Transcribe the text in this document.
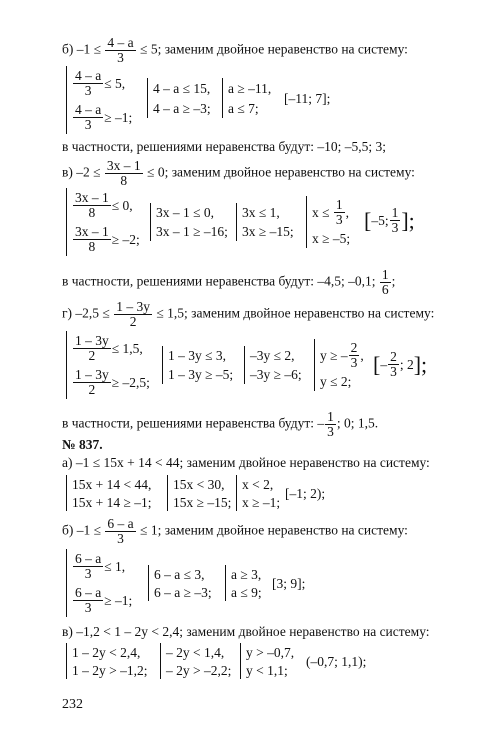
б) $-1 \le \frac{4 - a}{3} \le 5$; заменим двойное неравенство на систему:
$\frac{4 - a}{3} \le 5$,
$\frac{4 - a}{3} \ge -1$;
4 – a ≤ 15,
4 – a ≥ –3;
a ≥ –11,
a ≤ 7;
[–11; 7];
в частности, решениями неравенства будут: –10; –5,5; 3;
в) $-2 \le \frac{3x - 1}{8} \le 0$; заменим двойное неравенство на систему:
$\frac{3x - 1}{8} \le 0$,
$\frac{3x - 1}{8} \ge -2$;
3x – 1 ≤ 0,
3x – 1 ≥ –16;
3x ≤ 1,
3x ≥ –15;
x ≤
$\frac{1}{3}$ ,
x ≥ –5;
[ –5; $\frac{1}{3}$ ];
в частности, решениями неравенства будут: –4,5; –0,1; $\frac{1}{6}$ ;
г) $-2,5 \le \frac{1 - 3y}{2} \le 1,5$; заменим двойное неравенство на систему:
$\frac{1 - 3y}{2} \le 1,5$,
$\frac{1 - 3y}{2} \ge -2,5$;
1 – 3y ≤ 3,
1 – 3y ≥ –5;
–3y ≤ 2,
–3y ≥ –6;
y ≥ – $\frac{2}{3}$ ,
y ≤ 2;
[ – $\frac{2}{3}$ ; 2 ];
в частности, решениями неравенства будут: – $\frac{1}{3}$ ; 0; 1,5.
№ 837.
а) –1 ≤ 15x + 14 < 44; заменим двойное неравенство на систему:
15x + 14 < 44,
15x + 14 ≥ –1;
15x < 30,
15x ≥ –15;
x < 2,
x ≥ –1;
[–1; 2);
б) $-1 \le \frac{6 - a}{3} \le 1$; заменим двойное неравенство на систему:
$\frac{6 - a}{3} \le 1$,
$\frac{6 - a}{3} \ge -1$;
6 – a ≤ 3,
6 – a ≥ –3;
a ≥ 3,
a ≤ 9;
[3; 9];
в) –1,2 < 1 – 2y < 2,4; заменим двойное неравенство на систему:
1 – 2y < 2,4,
1 – 2y > –1,2;
– 2y < 1,4,
– 2y > –2,2;
y > –0,7,
y < 1,1;
(–0,7; 1,1);
232
